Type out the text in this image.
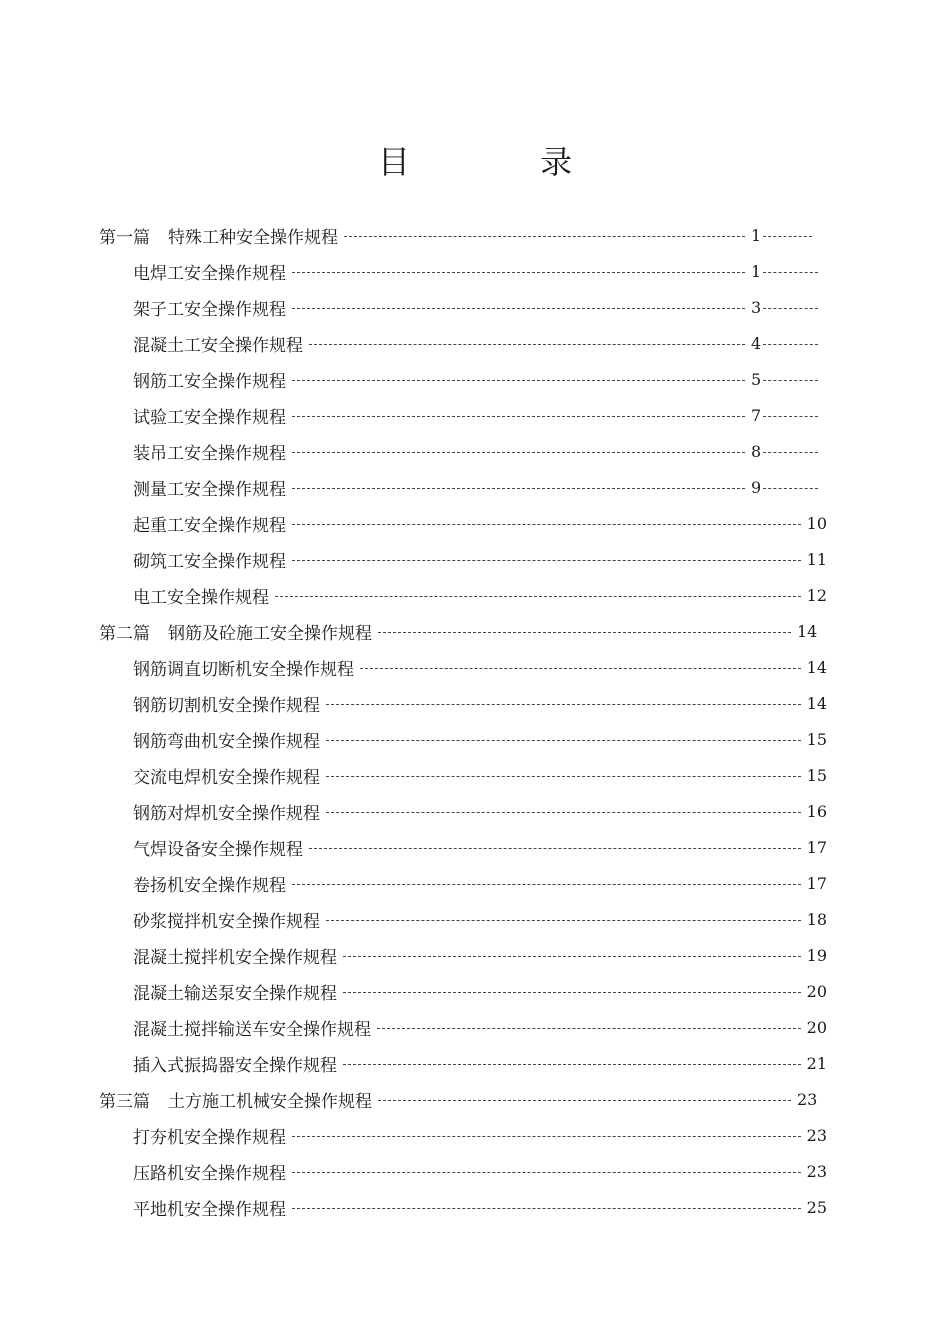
目 录
第一篇 特殊工种安全操作规程	1
电焊工安全操作规程	1
架子工安全操作规程	3
混凝土工安全操作规程	4
钢筋工安全操作规程	5
试验工安全操作规程	7
装吊工安全操作规程	8
测量工安全操作规程	9
起重工安全操作规程	10
砌筑工安全操作规程	11
电工安全操作规程	12
第二篇 钢筋及砼施工安全操作规程	14
钢筋调直切断机安全操作规程	14
钢筋切割机安全操作规程	14
钢筋弯曲机安全操作规程	15
交流电焊机安全操作规程	15
钢筋对焊机安全操作规程	16
气焊设备安全操作规程	17
卷扬机安全操作规程	17
砂浆搅拌机安全操作规程	18
混凝土搅拌机安全操作规程	19
混凝土输送泵安全操作规程	20
混凝土搅拌输送车安全操作规程	20
插入式振捣器安全操作规程	21
第三篇 土方施工机械安全操作规程	23
打夯机安全操作规程	23
压路机安全操作规程	23
平地机安全操作规程	25
